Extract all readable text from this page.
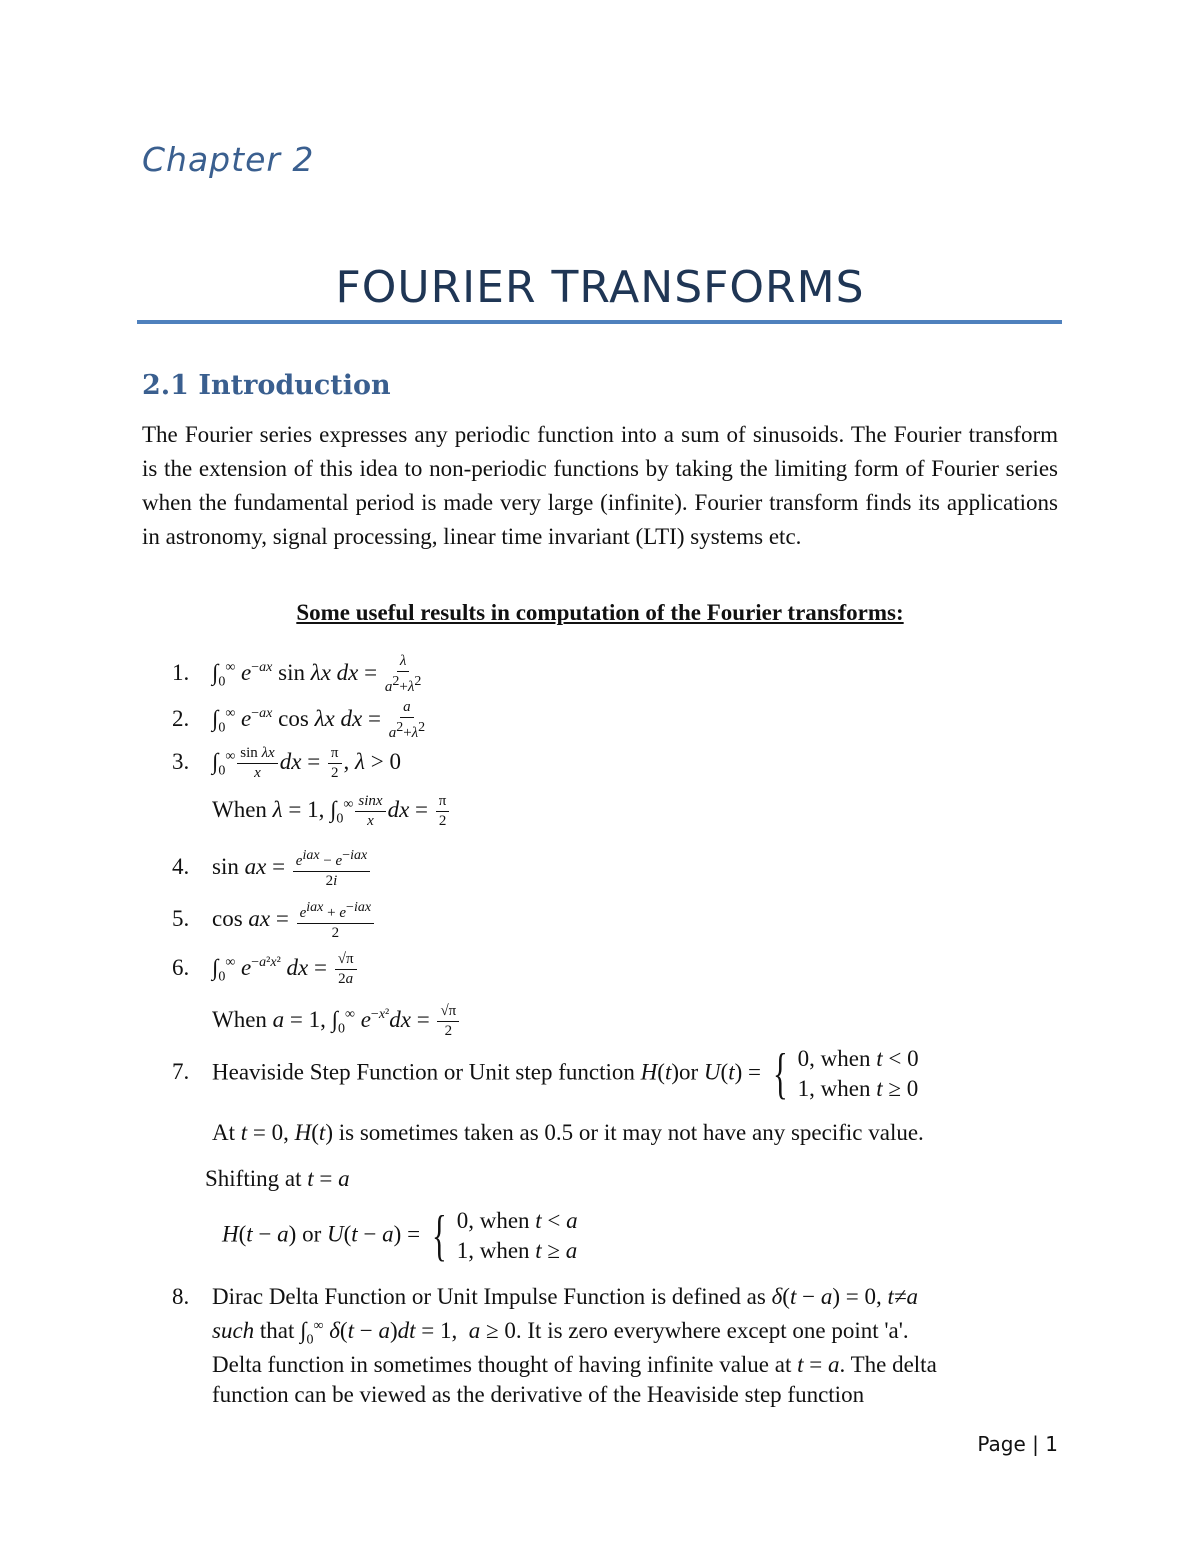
Chapter 2
FOURIER TRANSFORMS
2.1 Introduction
The Fourier series expresses any periodic function into a sum of sinusoids. The Fourier transform is the extension of this idea to non-periodic functions by taking the limiting form of Fourier series when the fundamental period is made very large (infinite). Fourier transform finds its applications in astronomy, signal processing, linear time invariant (LTI) systems etc.
Some useful results in computation of the Fourier transforms:
1. $\int_0^\infty$ $e^{-ax}$ sin λx dx = $\frac{\lambda}{a^2+\lambda^2}$
2. $\int_0^\infty$ $e^{-ax}$ cos λx dx = $\frac{a}{a^2+\lambda^2}$
3. $\int_0^\infty \frac{\text{sin λx}}{x}$ dx = $\frac{\pi}{2}$ , λ > 0
When λ = 1, $\int_0^\infty \frac{\sin x}{x}$ dx = $\frac{\pi}{2}$
4. sin ax = $\frac{e^{iax} - e^{-iax}}{2i}$
5. cos ax = $\frac{e^{iax} + e^{-iax}}{2}$
6. $\int_0^\infty$ $e^{-a^2x^2}$ dx = $\frac{√\pi}{2a}$
When a = 1, $\int_0^\infty$ $e^{-x^2}dx = \frac{√\pi}{2}$
7. Heaviside Step Function or Unit step function H(t)or U(t) = { 0, when t < 0
1, when t ≥ 0
At t = 0, H(t) is sometimes taken as 0.5 or it may not have any specific value.
Shifting at t = a
H(t − a) or U(t − a) = { 0, when t < a
1, when t ≥ a
8. Dirac Delta Function or Unit Impulse Function is defined as δ(t − a) = 0, t≠a
such that $\int_0^\infty$ δ(t − a)dt = 1,  a ≥ 0. It is zero everywhere except one point 'a'.
Delta function in sometimes thought of having infinite value at t = a. The delta
function can be viewed as the derivative of the Heaviside step function
Page | 1
